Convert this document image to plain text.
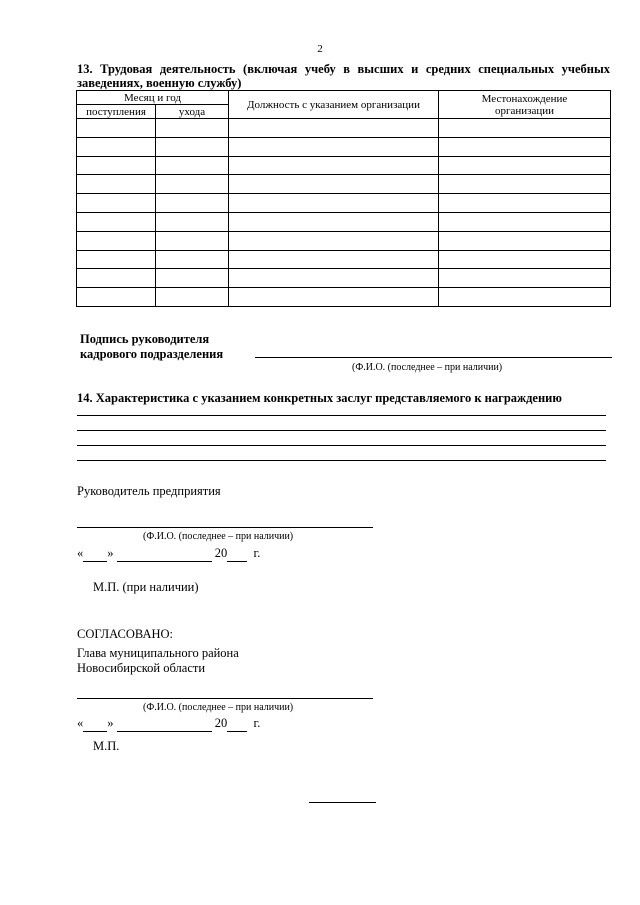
2
13. Трудовая деятельность (включая учебу в высших и средних специальных учебных заведениях, военную службу)
Месяц и год		Должность с указанием организации	Местонахождение организации
поступления	ухода		

Подпись руководителя
кадрового подразделения
(Ф.И.О. (последнее – при наличии)
14. Характеристика с указанием конкретных заслуг представляемого к награждению
Руководитель предприятия
(Ф.И.О. (последнее – при наличии)
« »	20 г.
М.П. (при наличии)
СОГЛАСОВАНО:
Глава муниципального района
Новосибирской области
(Ф.И.О. (последнее – при наличии)
« »	20 г.
М.П.
